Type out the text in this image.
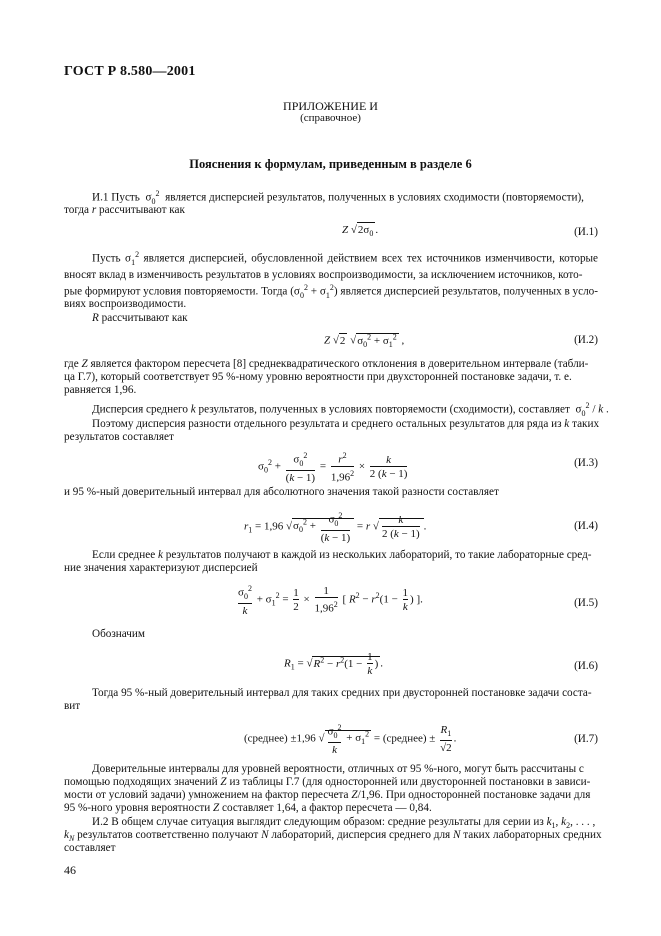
ГОСТ Р 8.580—2001
ПРИЛОЖЕНИЕ И
(справочное)
Пояснения к формулам, приведенным в разделе 6
И.1 Пусть  $\sigma_0^2$ является дисперсией результатов, полученных в условиях сходимости (повторяемости),
тогда r рассчитывают как
Z $√2\sigma_0$ .	(И.1)
Пусть $\sigma_1^2$ является дисперсией, обусловленной действием всех тех источников изменчивости, которые вносят вклад в изменчивость результатов в условиях воспроизводимости, за исключением источников, кото-
рые формируют условия повторяемости. Тогда $(\sigma_0^2 + \sigma_1^2)$ является дисперсией результатов, полученных в усло-
виях воспроизводимости.
R рассчитывают как
Z √2 $√\sigma_0^2 + \sigma_1^2$ ,	(И.2)
где Z является фактором пересчета [8] среднеквадратического отклонения в доверительном интервале (табли-
ца Г.7), который соответствует 95 %-ному уровню вероятности при двухсторонней постановке задачи, т. е.
равняется 1,96.
Дисперсия среднего k результатов, полученных в условиях повторяемости (сходимости), составляет  $\sigma_0^2$ / k .
Поэтому дисперсия разности отдельного результата и среднего остальных результатов для ряда из k таких
результатов составляет
$\sigma_0^2 + \frac{\sigma_0^2}{(k - 1)} = \frac{r^2}{1,96^2} \times \frac{k}{2 (k - 1)}$	(И.3)
и 95 %-ный доверительный интервал для абсолютного значения такой разности составляет
$r_1 = 1,96$ $√\sigma_0^2 + \frac{\sigma_0^2}{(k - 1)} = r$ √ $\frac{k}{2 (k - 1)}$ .	(И.4)
Если среднее k результатов получают в каждой из нескольких лабораторий, то такие лабораторные сред-
ние значения характеризуют дисперсией
$\frac{\sigma_0^2}{k} + \sigma_1^2 = \frac{1}{2} \times \frac{1}{1,96^2}$ [ $R^2 - r^2(1 - \frac{1}{k}$ ) ].	(И.5)
Обозначим
$R_1 = √R^2 - r^2(1 - \frac{1}{k}$ ) .	(И.6)
Тогда 95 %-ный доверительный интервал для таких средних при двусторонней постановке задачи соста-
вит
(среднее) ±1,96 √ $\frac{\sigma_0^2}{k} + \sigma_1^2$ = (среднее) ± $\frac{R_1}{√2}$ .	(И.7)
Доверительные интервалы для уровней вероятности, отличных от 95 %-ного, могут быть рассчитаны с
помощью подходящих значений Z из таблицы Г.7 (для односторонней или двусторонней постановки в зависи-
мости от условий задачи) умножением на фактор пересчета Z/1,96. При односторонней постановке задачи для
95 %-ного уровня вероятности Z составляет 1,64, а фактор пересчета — 0,84.
И.2 В общем случае ситуация выглядит следующим образом: средние результаты для серии из $k_1$, $k_2$, . . . ,
$k_N$ результатов соответственно получают N лабораторий, дисперсия среднего для N таких лабораторных средних
составляет
46
